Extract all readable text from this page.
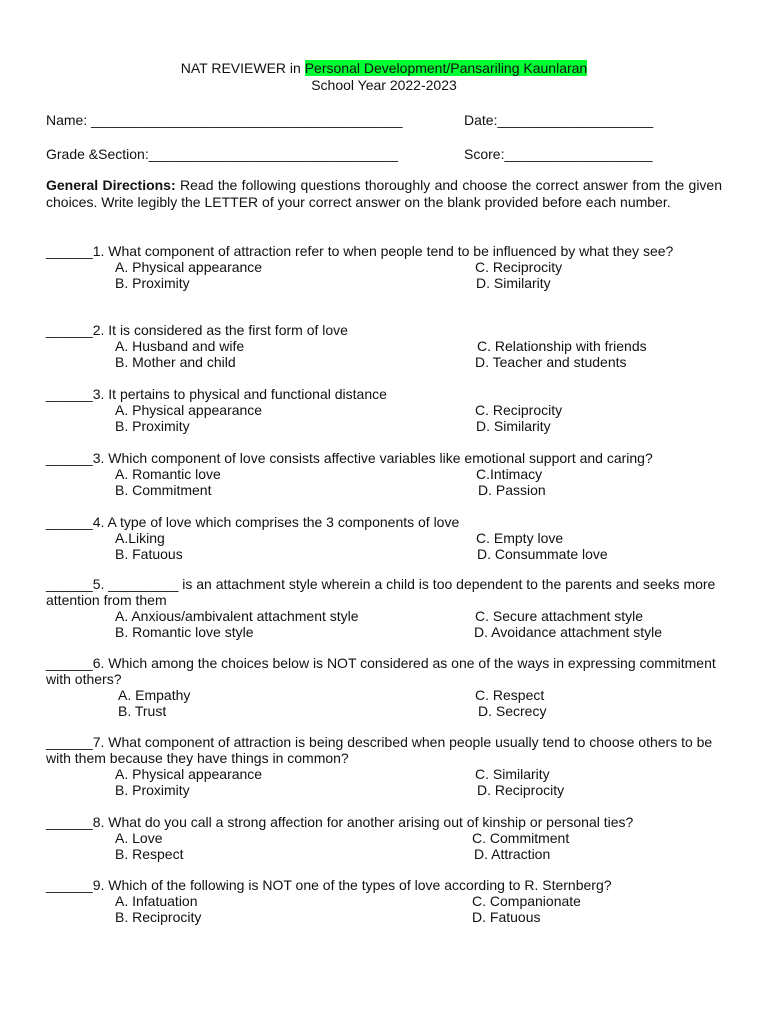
NAT REVIEWER in Personal Development/Pansariling Kaunlaran
School Year 2022-2023
Name: ________________________________________	Date:____________________
Grade &Section:________________________________	Score:___________________
General Directions: Read the following questions thoroughly and choose the correct answer from the given choices. Write legibly the LETTER of your correct answer on the blank provided before each number.
______1. What component of attraction refer to when people tend to be influenced by what they see?
A. Physical appearance	C. Reciprocity
B. Proximity	D. Similarity
______2. It is considered as the first form of love
A. Husband and wife	C. Relationship with friends
B. Mother and child	D. Teacher and students
______3. It pertains to physical and functional distance
A. Physical appearance	C. Reciprocity
B. Proximity	D. Similarity
______3. Which component of love consists affective variables like emotional support and caring?
A. Romantic love	C.Intimacy
B. Commitment	D. Passion
______4. A type of love which comprises the 3 components of love
A.Liking	C. Empty love
B. Fatuous	D. Consummate love
______5. _________ is an attachment style wherein a child is too dependent to the parents and seeks more attention from them
A. Anxious/ambivalent attachment style	C. Secure attachment style
B. Romantic love style	D. Avoidance attachment style
______6. Which among the choices below is NOT considered as one of the ways in expressing commitment with others?
A. Empathy	C. Respect
B. Trust	D. Secrecy
______7. What component of attraction is being described when people usually tend to choose others to be with them because they have things in common?
A. Physical appearance	C. Similarity
B. Proximity	D. Reciprocity
______8. What do you call a strong affection for another arising out of kinship or personal ties?
A. Love	C. Commitment
B. Respect	D. Attraction
______9. Which of the following is NOT one of the types of love according to R. Sternberg?
A. Infatuation	C. Companionate
B. Reciprocity	D. Fatuous
